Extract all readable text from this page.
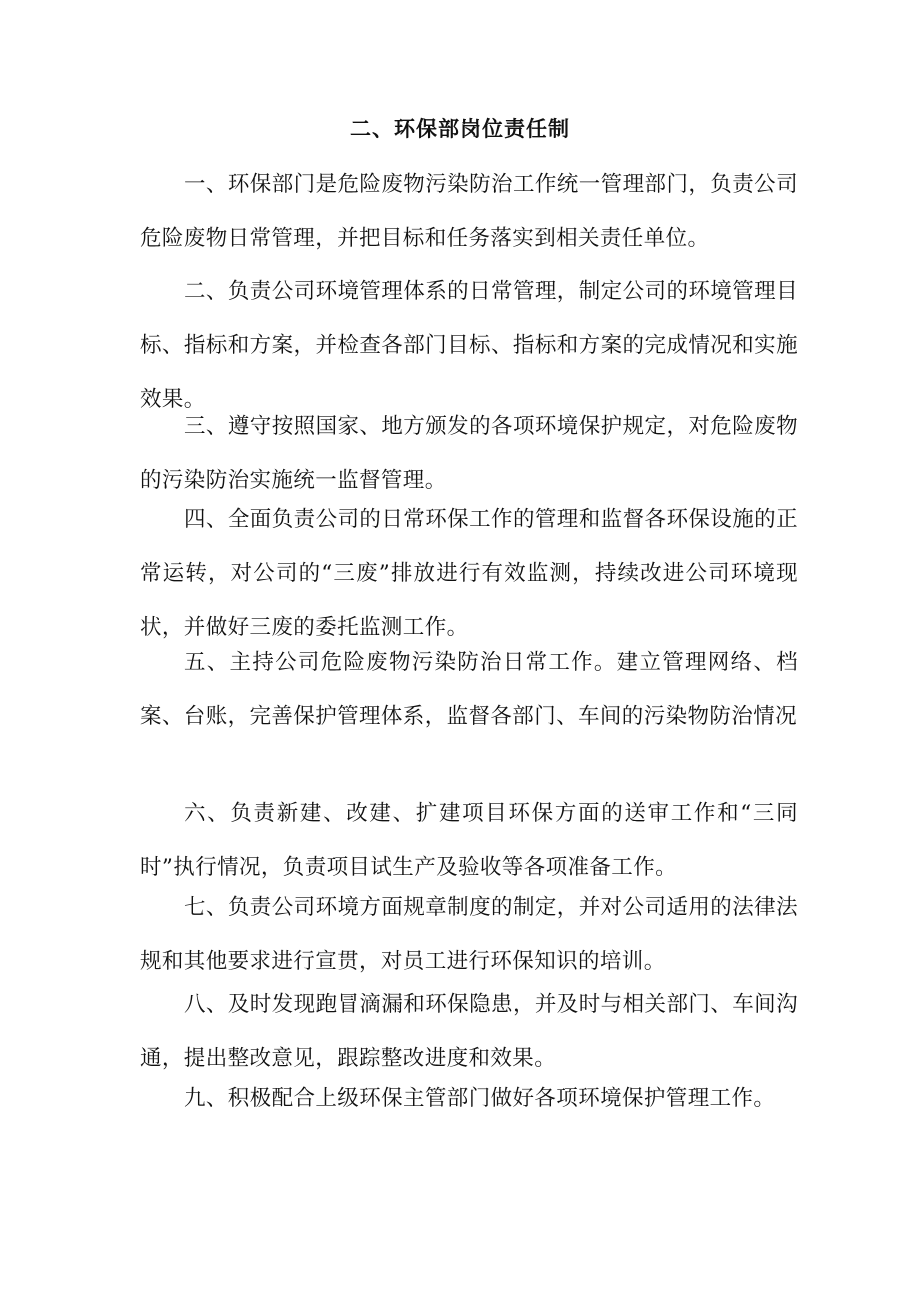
二、环保部岗位责任制
一、环保部门是危险废物污染防治工作统一管理部门，负责公司危险废物日常管理，并把目标和任务落实到相关责任单位。
二、负责公司环境管理体系的日常管理，制定公司的环境管理目标、指标和方案，并检查各部门目标、指标和方案的完成情况和实施效果。
三、遵守按照国家、地方颁发的各项环境保护规定，对危险废物的污染防治实施统一监督管理。
四、全面负责公司的日常环保工作的管理和监督各环保设施的正常运转，对公司的“三废”排放进行有效监测，持续改进公司环境现状，并做好三废的委托监测工作。
五、主持公司危险废物污染防治日常工作。建立管理网络、档案、台账，完善保护管理体系，监督各部门、车间的污染物防治情况
六、负责新建、改建、扩建项目环保方面的送审工作和“三同时”执行情况，负责项目试生产及验收等各项准备工作。
七、负责公司环境方面规章制度的制定，并对公司适用的法律法规和其他要求进行宣贯，对员工进行环保知识的培训。
八、及时发现跑冒滴漏和环保隐患，并及时与相关部门、车间沟通，提出整改意见，跟踪整改进度和效果。
九、积极配合上级环保主管部门做好各项环境保护管理工作。
